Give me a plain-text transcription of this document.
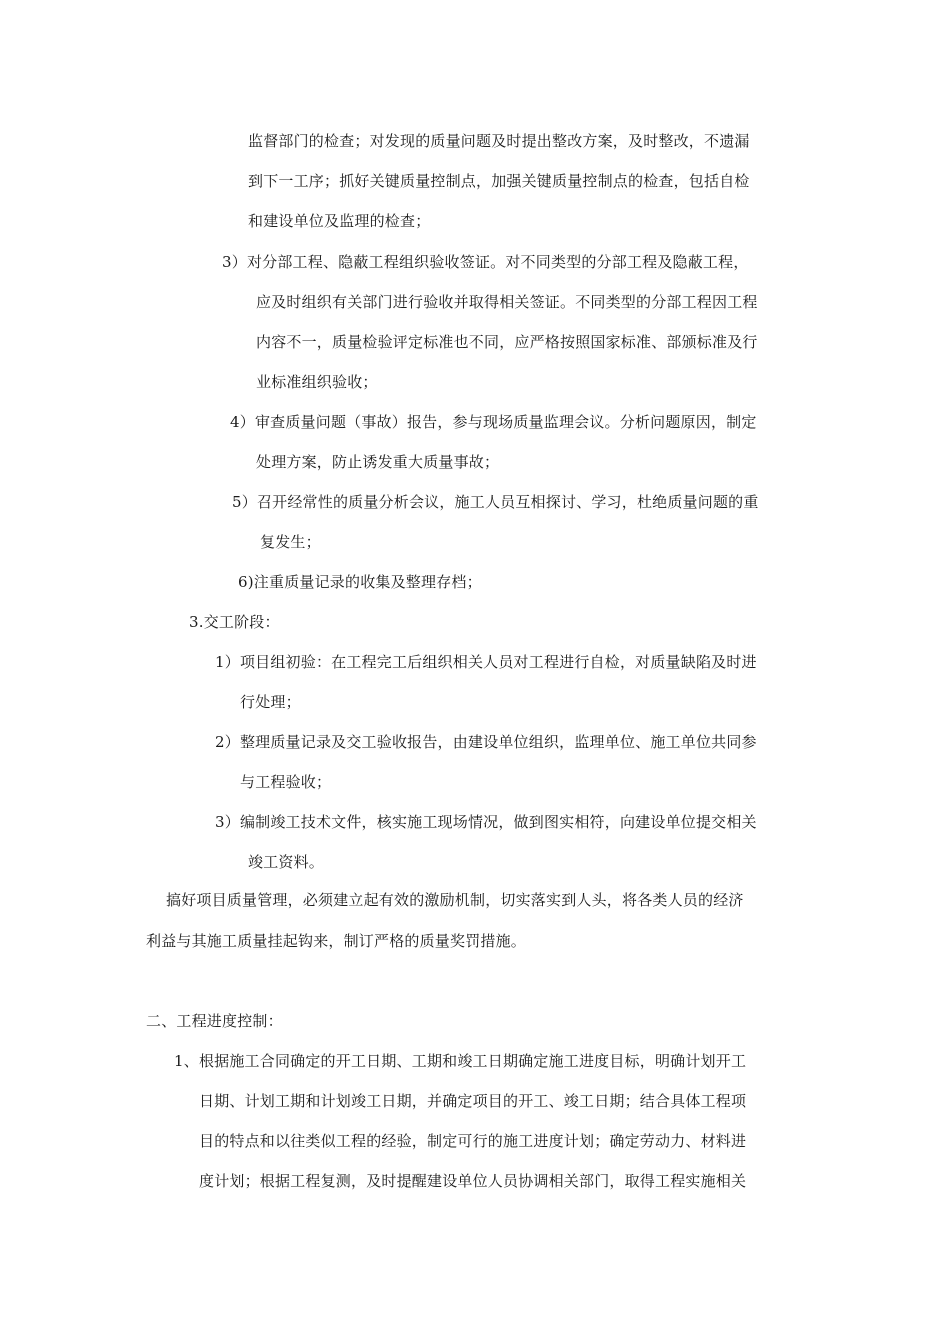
监督部门的检查；对发现的质量问题及时提出整改方案，及时整改，不遗漏
到下一工序；抓好关键质量控制点，加强关键质量控制点的检查，包括自检
和建设单位及监理的检查；
3）对分部工程、隐蔽工程组织验收签证。对不同类型的分部工程及隐蔽工程，
应及时组织有关部门进行验收并取得相关签证。不同类型的分部工程因工程
内容不一，质量检验评定标准也不同，应严格按照国家标准、部颁标准及行
业标准组织验收；
4）审查质量问题（事故）报告，参与现场质量监理会议。分析问题原因，制定
处理方案，防止诱发重大质量事故；
5）召开经常性的质量分析会议，施工人员互相探讨、学习，杜绝质量问题的重
复发生；
6)注重质量记录的收集及整理存档；
3.交工阶段：
1）项目组初验：在工程完工后组织相关人员对工程进行自检，对质量缺陷及时进
行处理；
2）整理质量记录及交工验收报告，由建设单位组织，监理单位、施工单位共同参
与工程验收；
3）编制竣工技术文件，核实施工现场情况，做到图实相符，向建设单位提交相关
竣工资料。
搞好项目质量管理，必须建立起有效的激励机制，切实落实到人头，将各类人员的经济
利益与其施工质量挂起钩来，制订严格的质量奖罚措施。
二、工程进度控制：
1、根据施工合同确定的开工日期、工期和竣工日期确定施工进度目标，明确计划开工
日期、计划工期和计划竣工日期，并确定项目的开工、竣工日期；结合具体工程项
目的特点和以往类似工程的经验，制定可行的施工进度计划；确定劳动力、材料进
度计划；根据工程复测，及时提醒建设单位人员协调相关部门，取得工程实施相关
